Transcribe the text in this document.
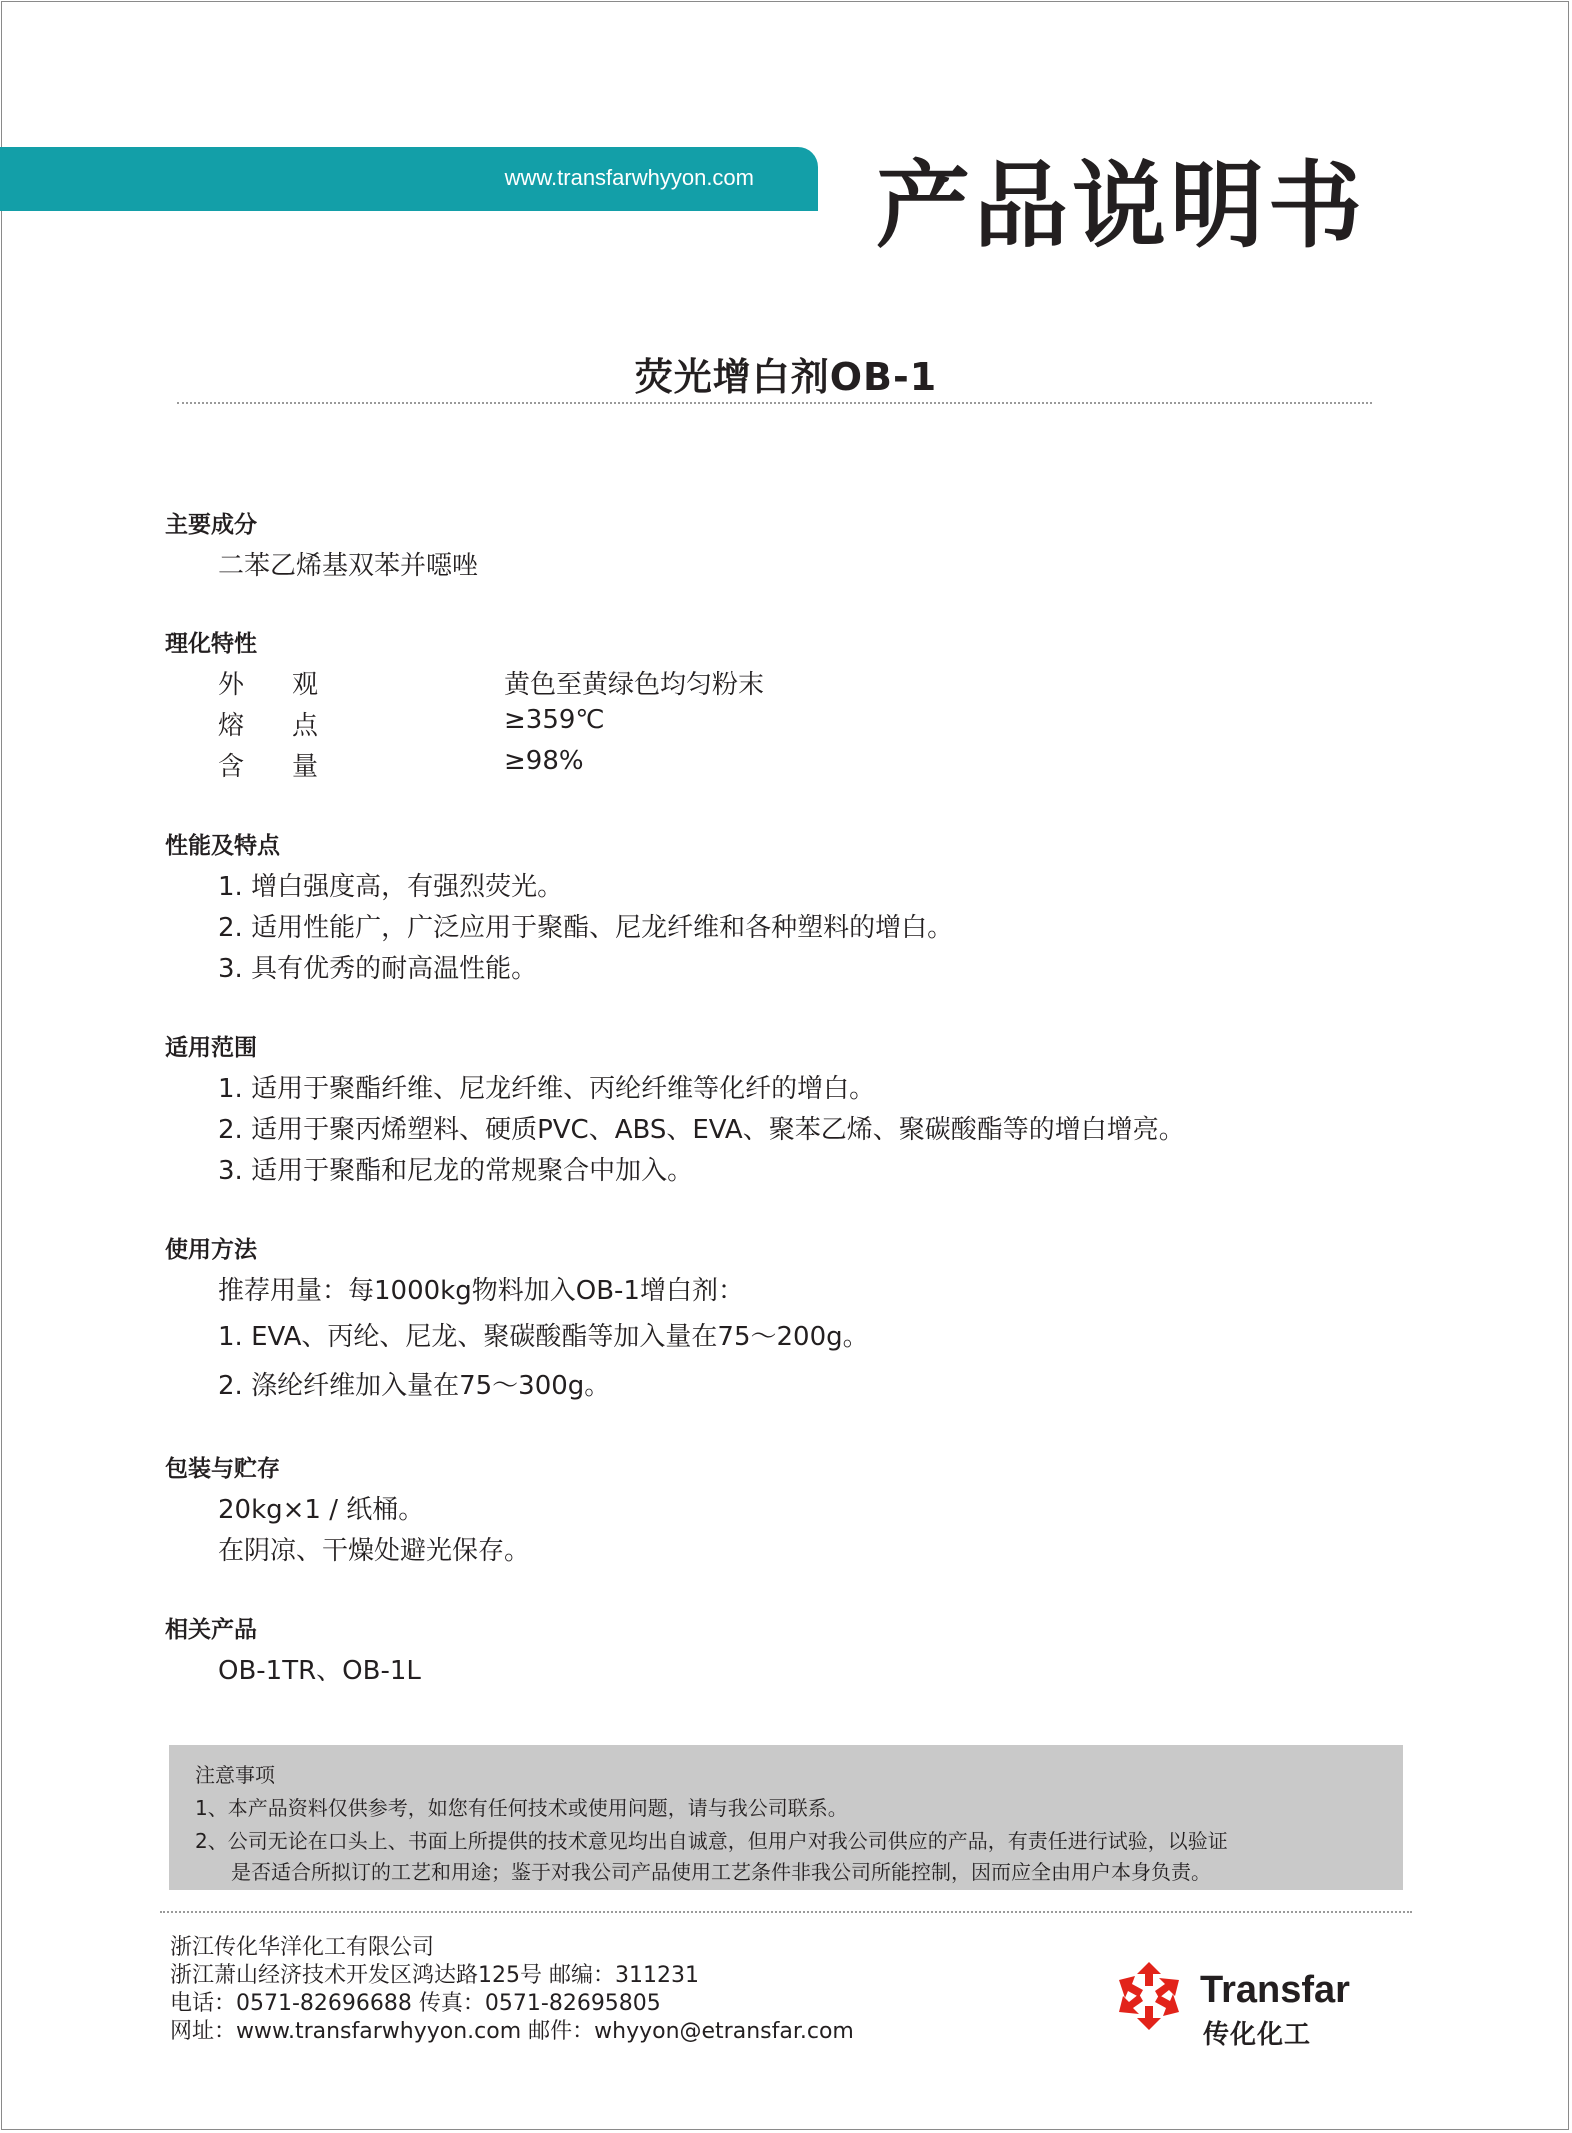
www.transfarwhyyon.com 产品说明书
荧光增白剂OB-1
主要成分
二苯乙烯基双苯并噁唑
理化特性
外 观	黄色至黄绿色均匀粉末
熔 点	≥359℃
含 量	≥98%
性能及特点
1. 增白强度高，有强烈荧光。
2. 适用性能广，广泛应用于聚酯、尼龙纤维和各种塑料的增白。
3. 具有优秀的耐高温性能。
适用范围
1. 适用于聚酯纤维、尼龙纤维、丙纶纤维等化纤的增白。
2. 适用于聚丙烯塑料、硬质PVC、ABS、EVA、聚苯乙烯、聚碳酸酯等的增白增亮。
3. 适用于聚酯和尼龙的常规聚合中加入。
使用方法
推荐用量：每1000kg物料加入OB-1增白剂：
1. EVA、丙纶、尼龙、聚碳酸酯等加入量在75〜200g。
2. 涤纶纤维加入量在75〜300g。
包装与贮存
20kg×1 / 纸桶。
在阴凉、干燥处避光保存。
相关产品
OB-1TR、OB-1L
注意事项
1、本产品资料仅供参考，如您有任何技术或使用问题，请与我公司联系。
2、公司无论在口头上、书面上所提供的技术意见均出自诚意，但用户对我公司供应的产品，有责任进行试验，以验证
是否适合所拟订的工艺和用途；鉴于对我公司产品使用工艺条件非我公司所能控制，因而应全由用户本身负责。
浙江传化华洋化工有限公司
浙江萧山经济技术开发区鸿达路125号 邮编：311231
电话：0571-82696688 传真：0571-82695805
网址：www.transfarwhyyon.com 邮件：whyyon@etransfar.com
Transfar
传化化工
